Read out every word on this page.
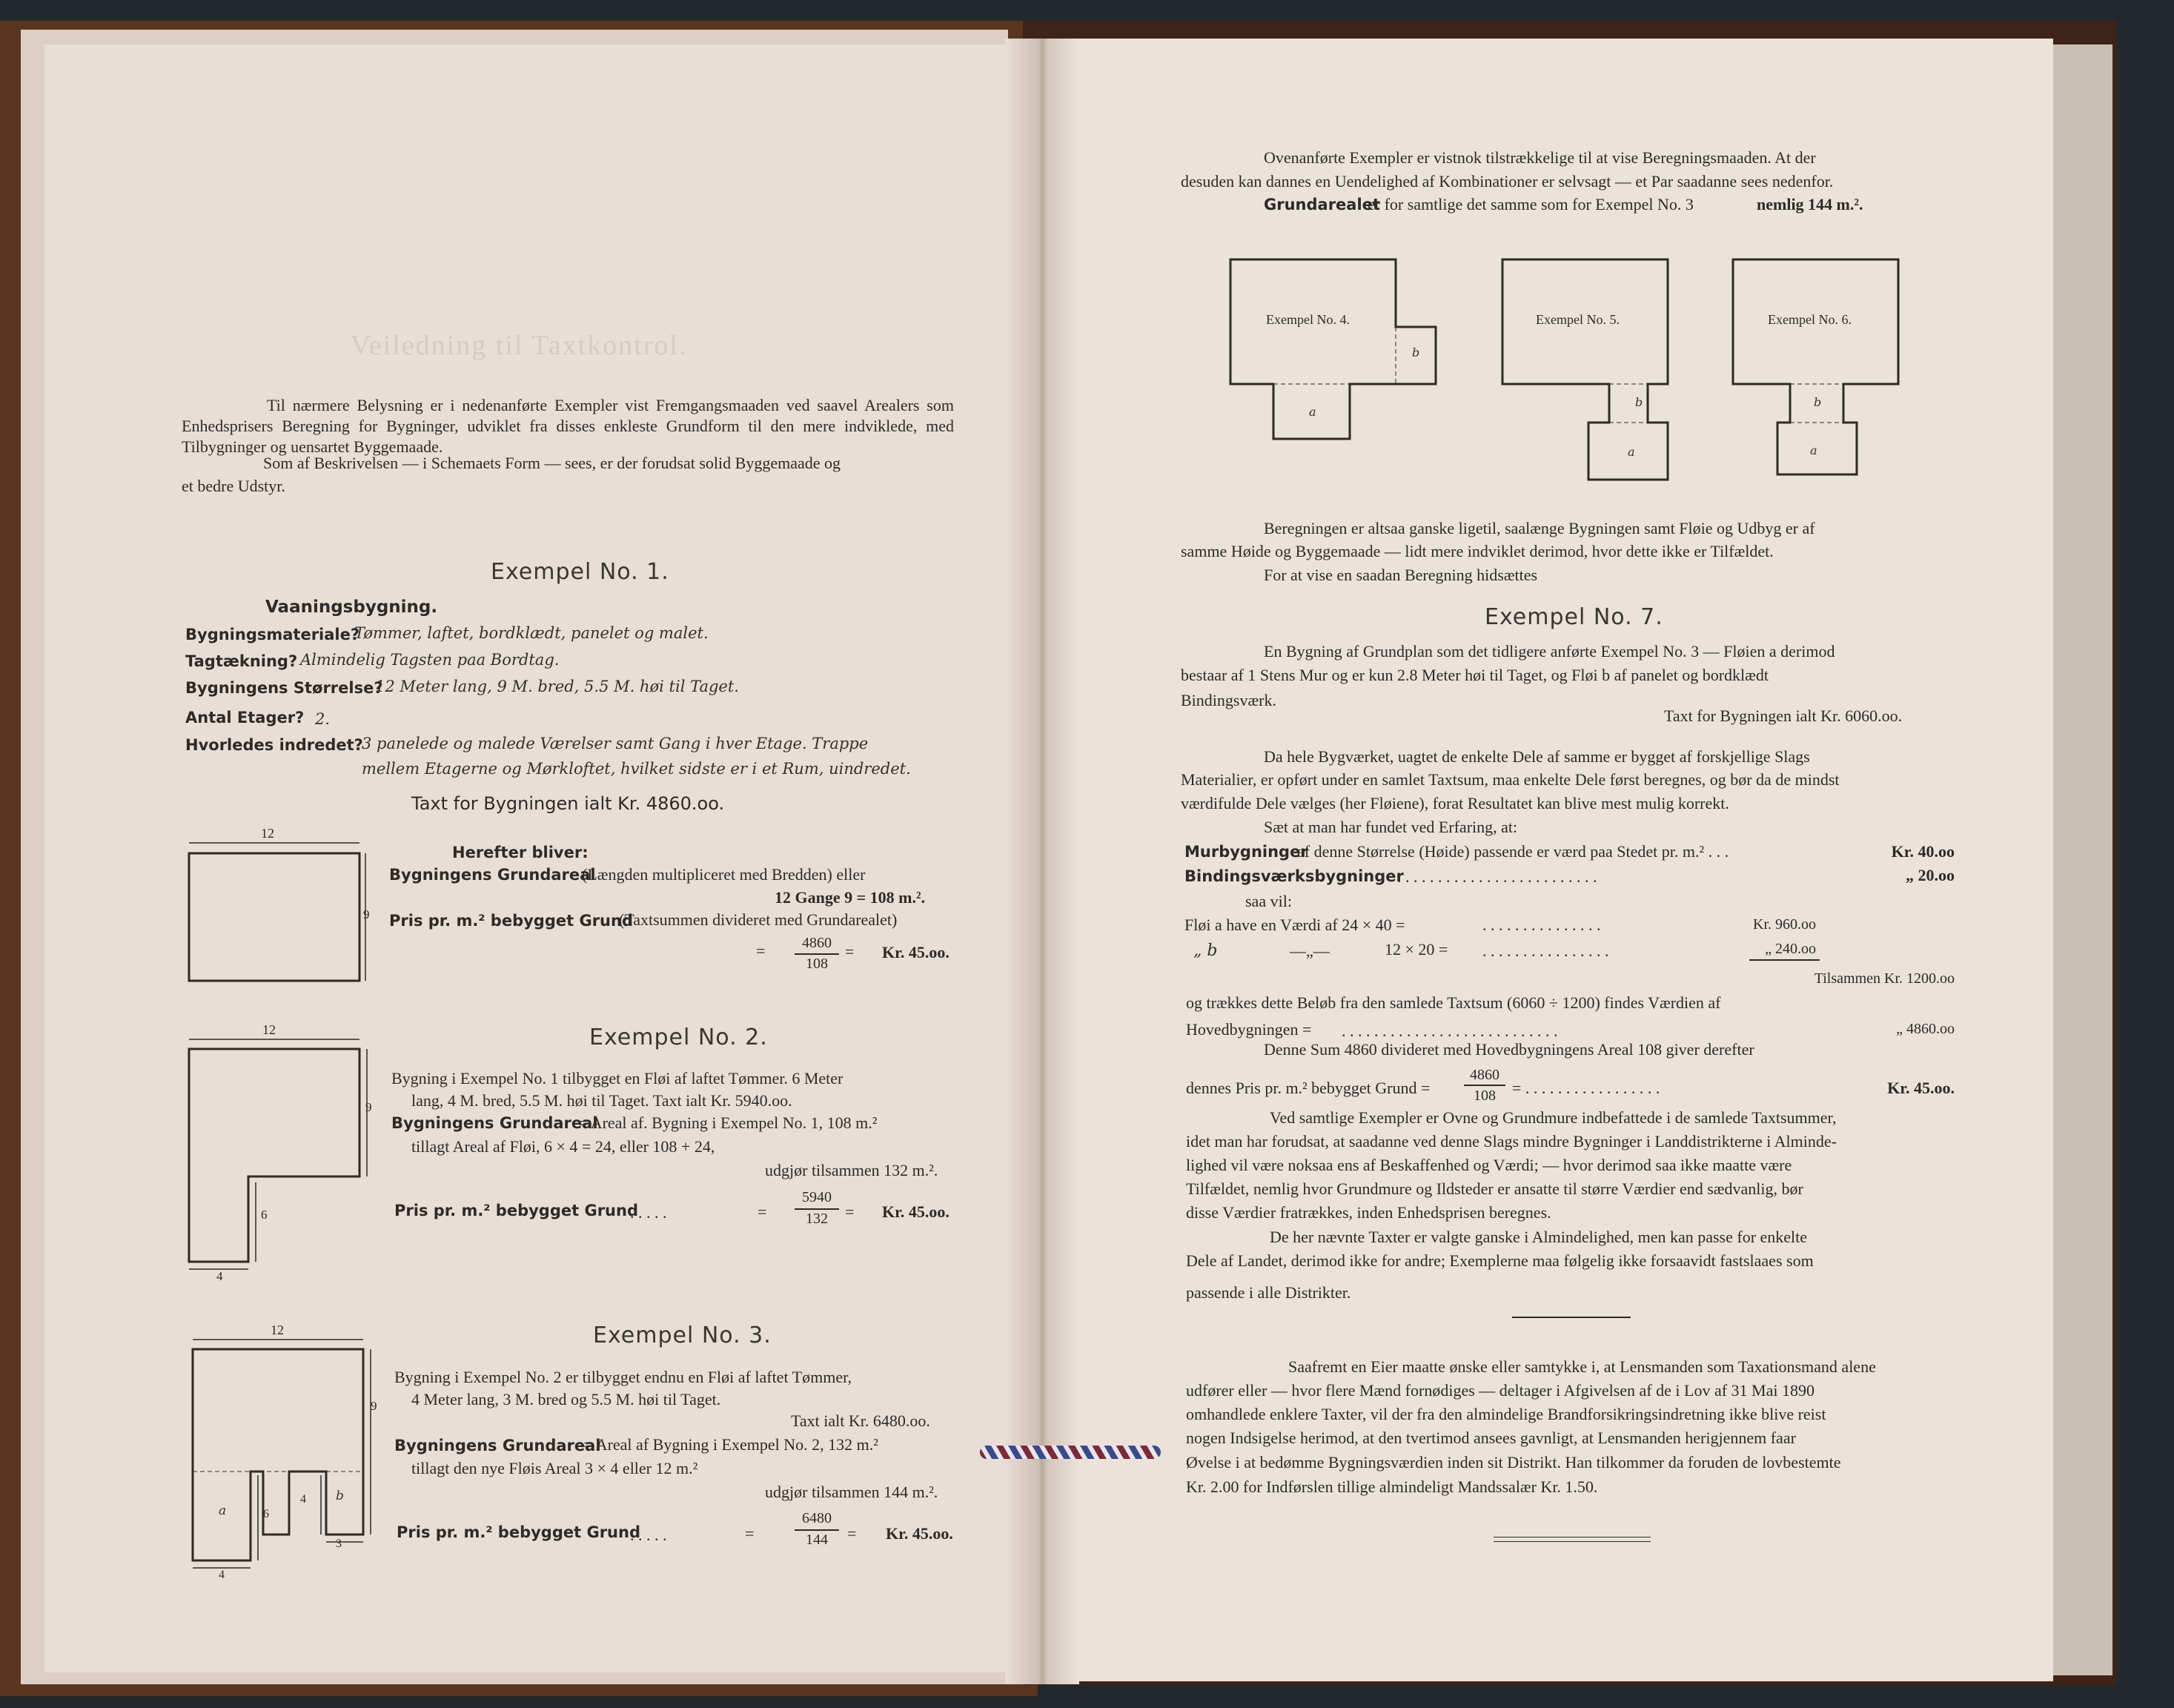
Veiledning til Taxtkontrol.
Til nærmere Belysning er i nedenanførte Exempler vist Fremgangsmaaden ved saavel Arealers som Enhedsprisers Beregning for Bygninger, udviklet fra disses enkleste Grundform til den mere indviklede, med Tilbygninger og uensartet Byggemaade.
Som af Beskrivelsen — i Schemaets Form — sees, er der forudsat solid Byggemaade og
et bedre Udstyr.
Exempel No. 1.
Vaaningsbygning.
Bygningsmateriale?
Tømmer, laftet, bordklædt, panelet og malet.
Tagtækning? Almindelig Tagsten paa Bordtag.
Bygningens Størrelse?
12 Meter lang, 9 M. bred, 5.5 M. høi til Taget.
Antal Etager? 2.
Hvorledes indredet?
3 panelede og malede Værelser samt Gang i hver Etage. Trappe
mellem Etagerne og Mørkloftet, hvilket sidste er i et Rum, uindredet.
Taxt for Bygningen ialt Kr. 4860.oo.
12
9
Herefter bliver:
Bygningens Grundareal
(Længden multipliceret med Bredden) eller
12 Gange 9 = 108 m.².
Pris pr. m.² bebygget Grund
(Taxtsummen divideret med Grundarealet)
=	4860
108
= Kr. 45.oo.
Exempel No. 2.
12
9
6
4
Bygning i Exempel No. 1 tilbygget en Fløi af laftet Tømmer. 6 Meter
lang, 4 M. bred, 5.5 M. høi til Taget. Taxt ialt Kr. 5940.oo.
Bygningens Grundareal
= Areal af. Bygning i Exempel No. 1, 108 m.²
tillagt Areal af Fløi, 6 × 4 = 24, eller 108 + 24,
udgjør tilsammen 132 m.².
Pris pr. m.² bebygget Grund
. . . . .	=
5940
132	= Kr. 45.oo.
Exempel No. 3.
12
9
a
b
6
4
3
4
Bygning i Exempel No. 2 er tilbygget endnu en Fløi af laftet Tømmer,
4 Meter lang, 3 M. bred og 5.5 M. høi til Taget.
Taxt ialt Kr. 6480.oo.
Bygningens Grundareal
= Areal af Bygning i Exempel No. 2, 132 m.²
tillagt den nye Fløis Areal 3 × 4 eller 12 m.²
udgjør tilsammen 144 m.².
Pris pr. m.² bebygget Grund
. . . . .	=
6480
144	= Kr. 45.oo.
Ovenanførte Exempler er vistnok tilstrækkelige til at vise Beregningsmaaden. At der
desuden kan dannes en Uendelighed af Kombinationer er selvsagt — et Par saadanne sees nedenfor.
Grundarealet
er for samtlige det samme som for Exempel No. 3	nemlig 144 m.².
Exempel No. 4.	Exempel No. 5.	Exempel No. 6.
b
a
b
a
b
a
Beregningen er altsaa ganske ligetil, saalænge Bygningen samt Fløie og Udbyg er af
samme Høide og Byggemaade — lidt mere indviklet derimod, hvor dette ikke er Tilfældet.
For at vise en saadan Beregning hidsættes
Exempel No. 7.
En Bygning af Grundplan som det tidligere anførte Exempel No. 3 — Fløien a derimod
bestaar af 1 Stens Mur og er kun 2.8 Meter høi til Taget, og Fløi b af panelet og bordklædt
Bindingsværk.
Taxt for Bygningen ialt Kr. 6060.oo.
Da hele Bygværket, uagtet de enkelte Dele af samme er bygget af forskjellige Slags
Materialier, er opført under en samlet Taxtsum, maa enkelte Dele først beregnes, og bør da de mindst
værdifulde Dele vælges (her Fløiene), forat Resultatet kan blive mest mulig korrekt.
Sæt at man har fundet ved Erfaring, at:
Murbygninger
af denne Størrelse (Høide) passende er værd paa Stedet pr. m.² . . .	Kr. 40.oo
Bindingsværksbygninger
. . . . . . . . . . . . . . . . . . . . . . . . .	„ 20.oo
saa vil:
Fløi a have en Værdi af 24 × 40 =	. . . . . . . . . . . . . . .	Kr. 960.oo
„ b	—„—	12 × 20 = . . . . . . . . . . . . . . . .	„ 240.oo
Tilsammen Kr. 1200.oo
og trækkes dette Beløb fra den samlede Taxtsum (6060 ÷ 1200) findes Værdien af
Hovedbygningen = . . . . . . . . . . . . . . . . . . . . . . . . . . .	„ 4860.oo
Denne Sum 4860 divideret med Hovedbygningens Areal 108 giver derefter
dennes Pris pr. m.² bebygget Grund =
4860
108	= . . . . . . . . . . . . . . . . .	Kr. 45.oo.
Ved samtlige Exempler er Ovne og Grundmure indbefattede i de samlede Taxtsummer,
idet man har forudsat, at saadanne ved denne Slags mindre Bygninger i Landdistrikterne i Alminde-
lighed vil være noksaa ens af Beskaffenhed og Værdi; — hvor derimod saa ikke maatte være
Tilfældet, nemlig hvor Grundmure og Ildsteder er ansatte til større Værdier end sædvanlig, bør
disse Værdier fratrækkes, inden Enhedsprisen beregnes.
De her nævnte Taxter er valgte ganske i Almindelighed, men kan passe for enkelte
Dele af Landet, derimod ikke for andre; Exemplerne maa følgelig ikke forsaavidt fastslaaes som
passende i alle Distrikter.
Saafremt en Eier maatte ønske eller samtykke i, at Lensmanden som Taxationsmand alene
udfører eller — hvor flere Mænd fornødiges — deltager i Afgivelsen af de i Lov af 31 Mai 1890
omhandlede enklere Taxter, vil der fra den almindelige Brandforsikringsindretning ikke blive reist
nogen Indsigelse herimod, at den tvertimod ansees gavnligt, at Lensmanden herigjennem faar
Øvelse i at bedømme Bygningsværdien inden sit Distrikt. Han tilkommer da foruden de lovbestemte
Kr. 2.00 for Indførslen tillige almindeligt Mandssalær Kr. 1.50.
